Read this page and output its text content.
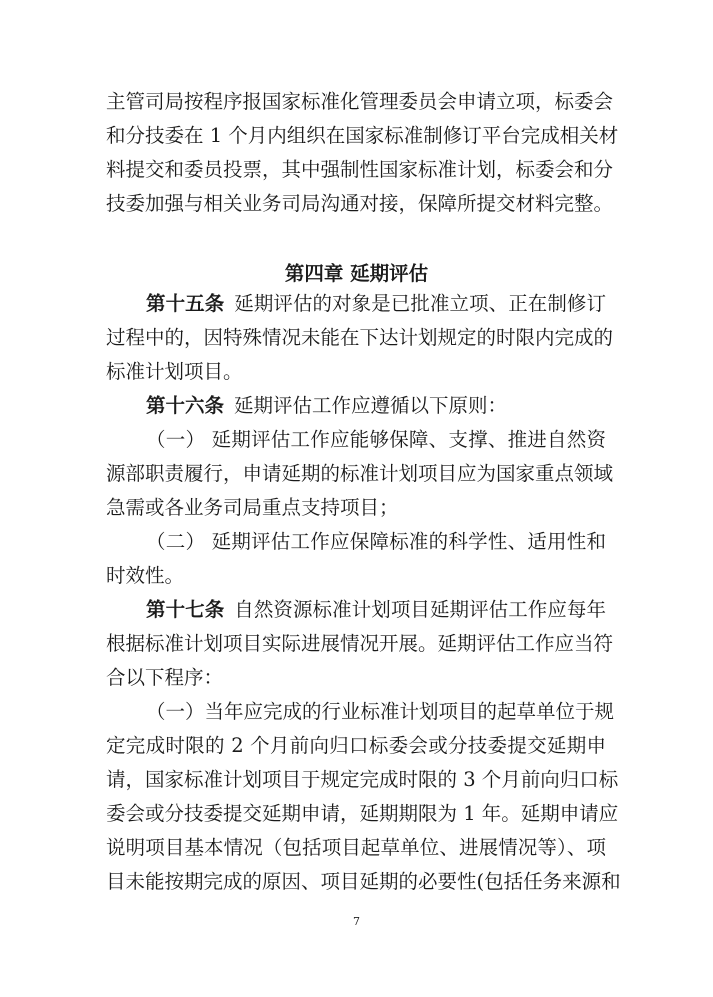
主管司局按程序报国家标准化管理委员会申请立项，标委会
和分技委在 1 个月内组织在国家标准制修订平台完成相关材
料提交和委员投票，其中强制性国家标准计划，标委会和分
技委加强与相关业务司局沟通对接，保障所提交材料完整。
第四章 延期评估
第十五条 延期评估的对象是已批准立项、正在制修订
过程中的，因特殊情况未能在下达计划规定的时限内完成的
标准计划项目。
第十六条 延期评估工作应遵循以下原则：
（一） 延期评估工作应能够保障、支撑、推进自然资
源部职责履行，申请延期的标准计划项目应为国家重点领域
急需或各业务司局重点支持项目；
（二） 延期评估工作应保障标准的科学性、适用性和
时效性。
第十七条 自然资源标准计划项目延期评估工作应每年
根据标准计划项目实际进展情况开展。延期评估工作应当符
合以下程序：
（一）当年应完成的行业标准计划项目的起草单位于规
定完成时限的 2 个月前向归口标委会或分技委提交延期申
请，国家标准计划项目于规定完成时限的 3 个月前向归口标
委会或分技委提交延期申请，延期期限为 1 年。延期申请应
说明项目基本情况（包括项目起草单位、进展情况等）、项
目未能按期完成的原因、项目延期的必要性(包括任务来源和
7
